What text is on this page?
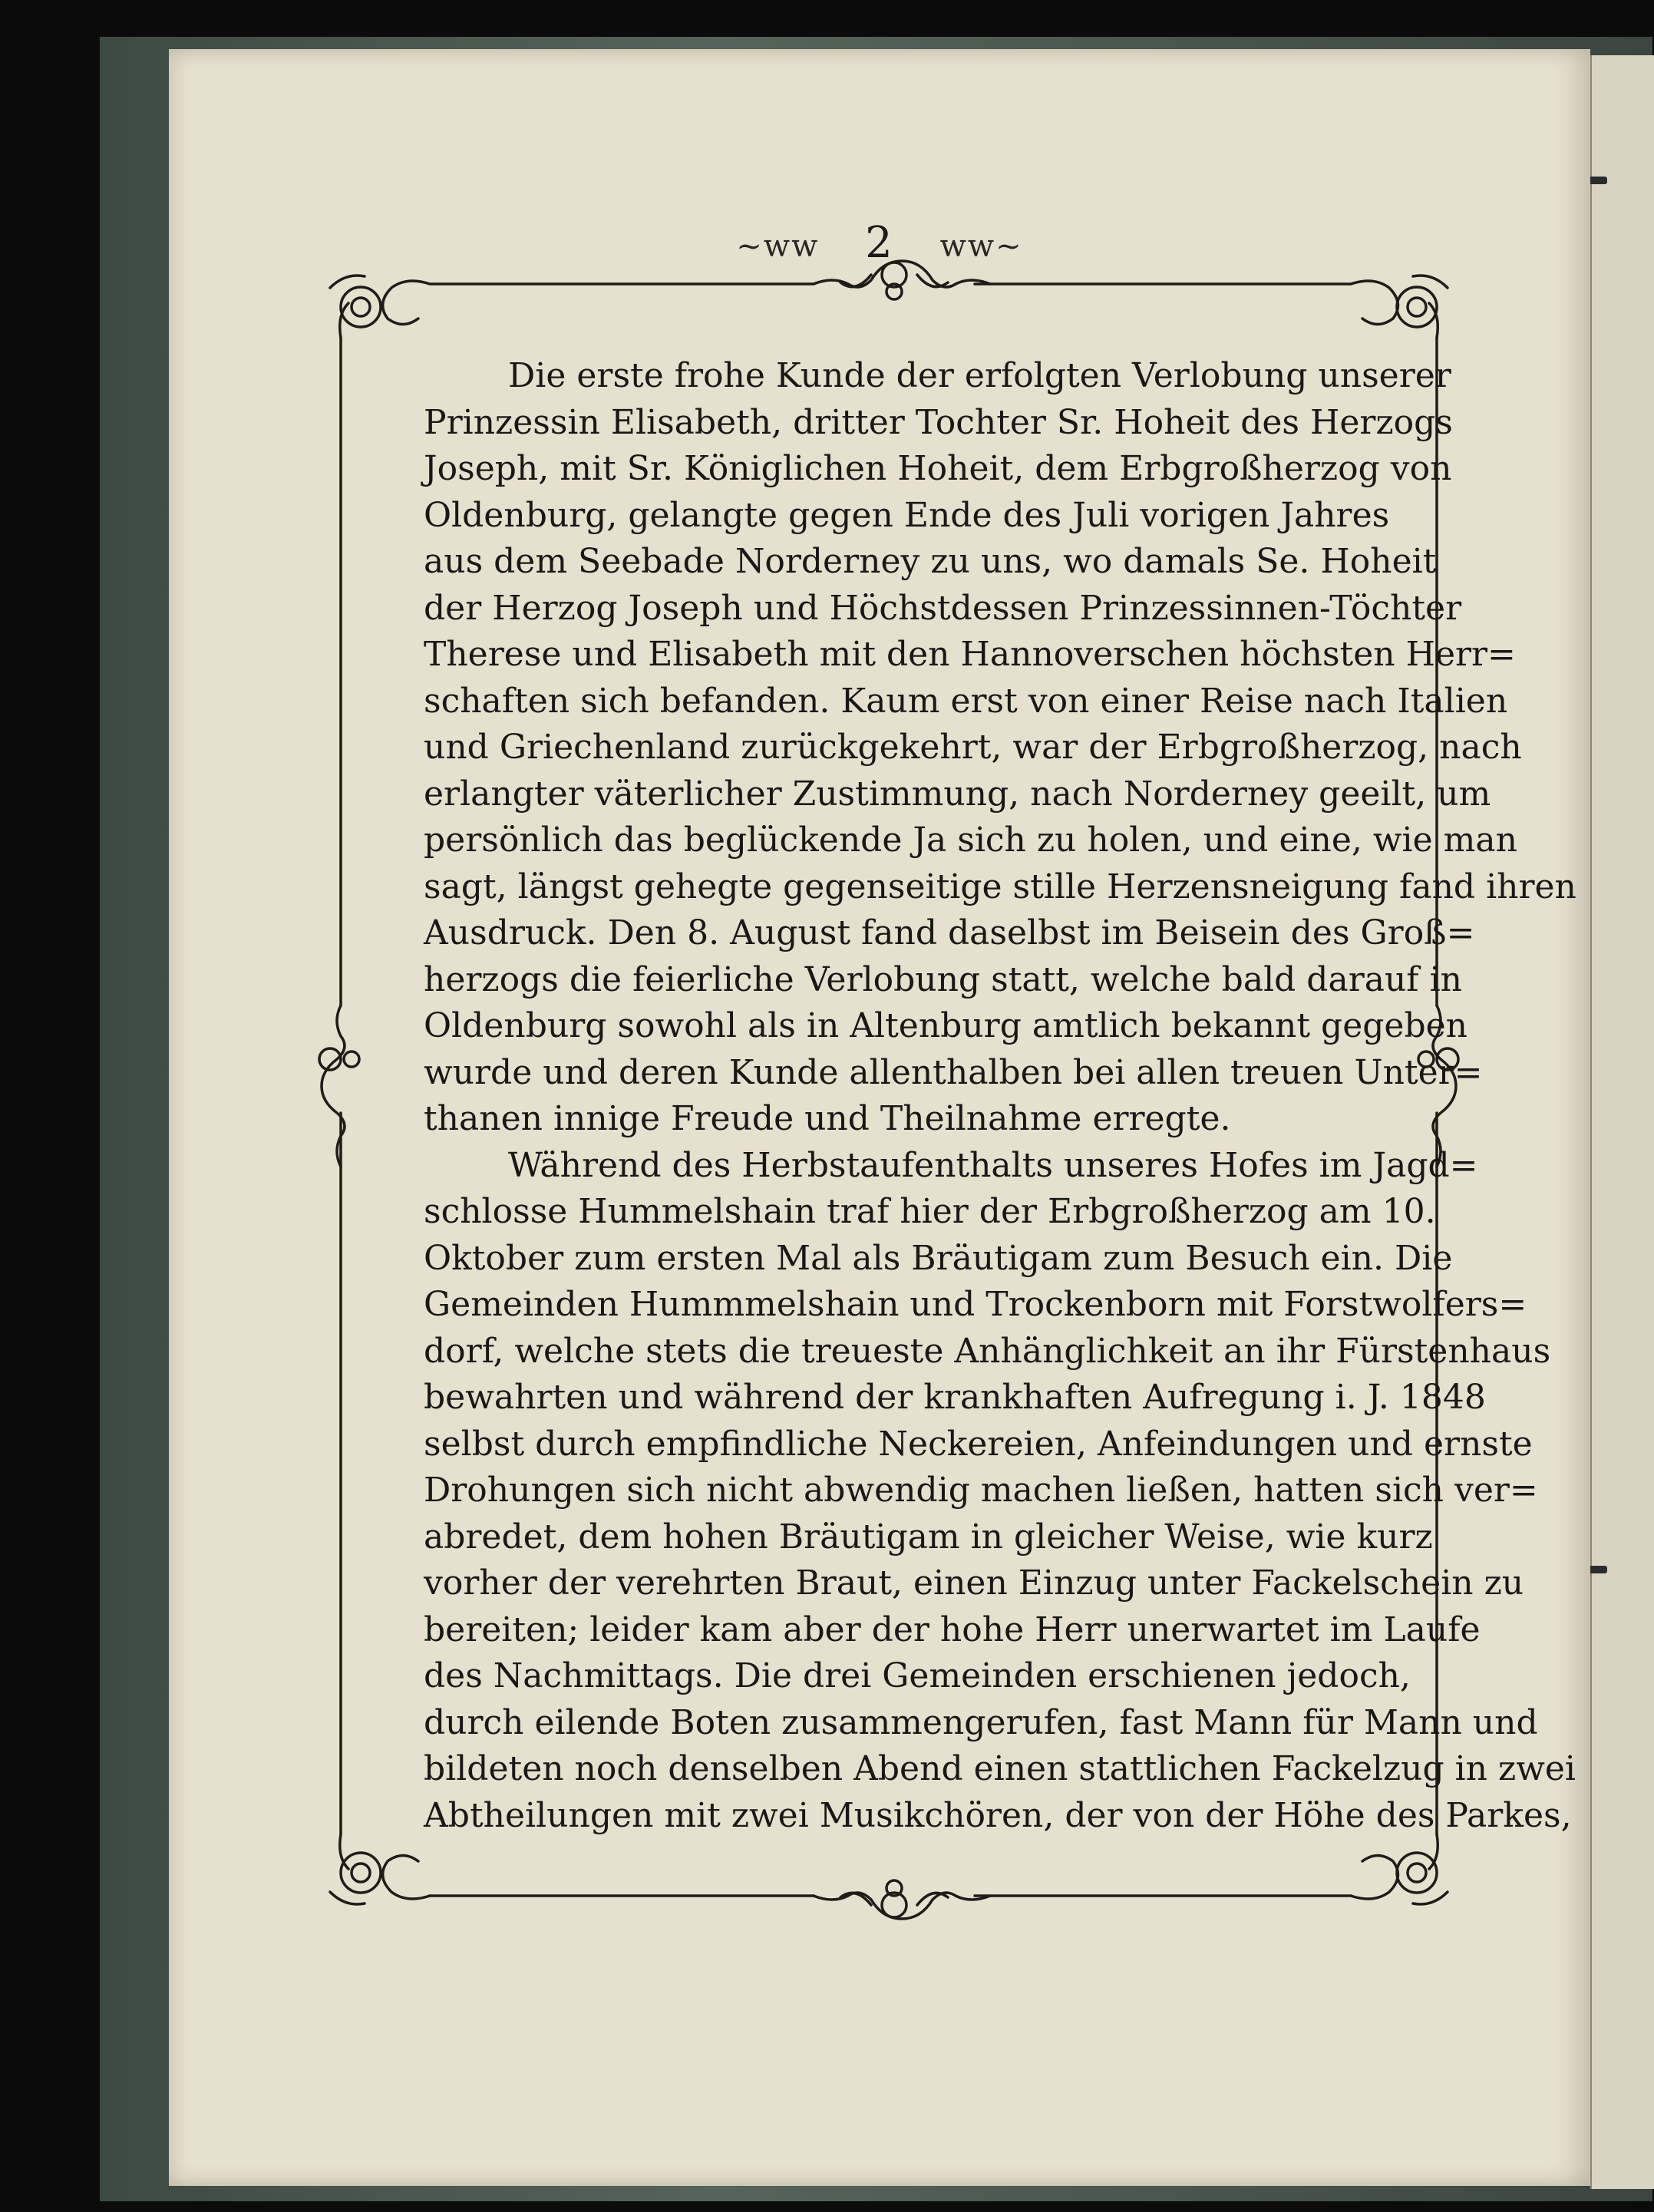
~ww 2 ww~
Die erste frohe Kunde der erfolgten Verlobung unserer
Prinzessin Elisabeth, dritter Tochter Sr. Hoheit des Herzogs
Joseph, mit Sr. Königlichen Hoheit, dem Erbgroßherzog von
Oldenburg, gelangte gegen Ende des Juli vorigen Jahres
aus dem Seebade Norderney zu uns, wo damals Se. Hoheit
der Herzog Joseph und Höchstdessen Prinzessinnen-Töchter
Therese und Elisabeth mit den Hannoverschen höchsten Herr=
schaften sich befanden. Kaum erst von einer Reise nach Italien
und Griechenland zurückgekehrt, war der Erbgroßherzog, nach
erlangter väterlicher Zustimmung, nach Norderney geeilt, um
persönlich das beglückende Ja sich zu holen, und eine, wie man
sagt, längst gehegte gegenseitige stille Herzensneigung fand ihren
Ausdruck. Den 8. August fand daselbst im Beisein des Groß=
herzogs die feierliche Verlobung statt, welche bald darauf in
Oldenburg sowohl als in Altenburg amtlich bekannt gegeben
wurde und deren Kunde allenthalben bei allen treuen Unter=
thanen innige Freude und Theilnahme erregte.
Während des Herbstaufenthalts unseres Hofes im Jagd=
schlosse Hummelshain traf hier der Erbgroßherzog am 10.
Oktober zum ersten Mal als Bräutigam zum Besuch ein. Die
Gemeinden Hummmelshain und Trockenborn mit Forstwolfers=
dorf, welche stets die treueste Anhänglichkeit an ihr Fürstenhaus
bewahrten und während der krankhaften Aufregung i. J. 1848
selbst durch empfindliche Neckereien, Anfeindungen und ernste
Drohungen sich nicht abwendig machen ließen, hatten sich ver=
abredet, dem hohen Bräutigam in gleicher Weise, wie kurz
vorher der verehrten Braut, einen Einzug unter Fackelschein zu
bereiten; leider kam aber der hohe Herr unerwartet im Laufe
des Nachmittags. Die drei Gemeinden erschienen jedoch,
durch eilende Boten zusammengerufen, fast Mann für Mann und
bildeten noch denselben Abend einen stattlichen Fackelzug in zwei
Abtheilungen mit zwei Musikchören, der von der Höhe des Parkes,
